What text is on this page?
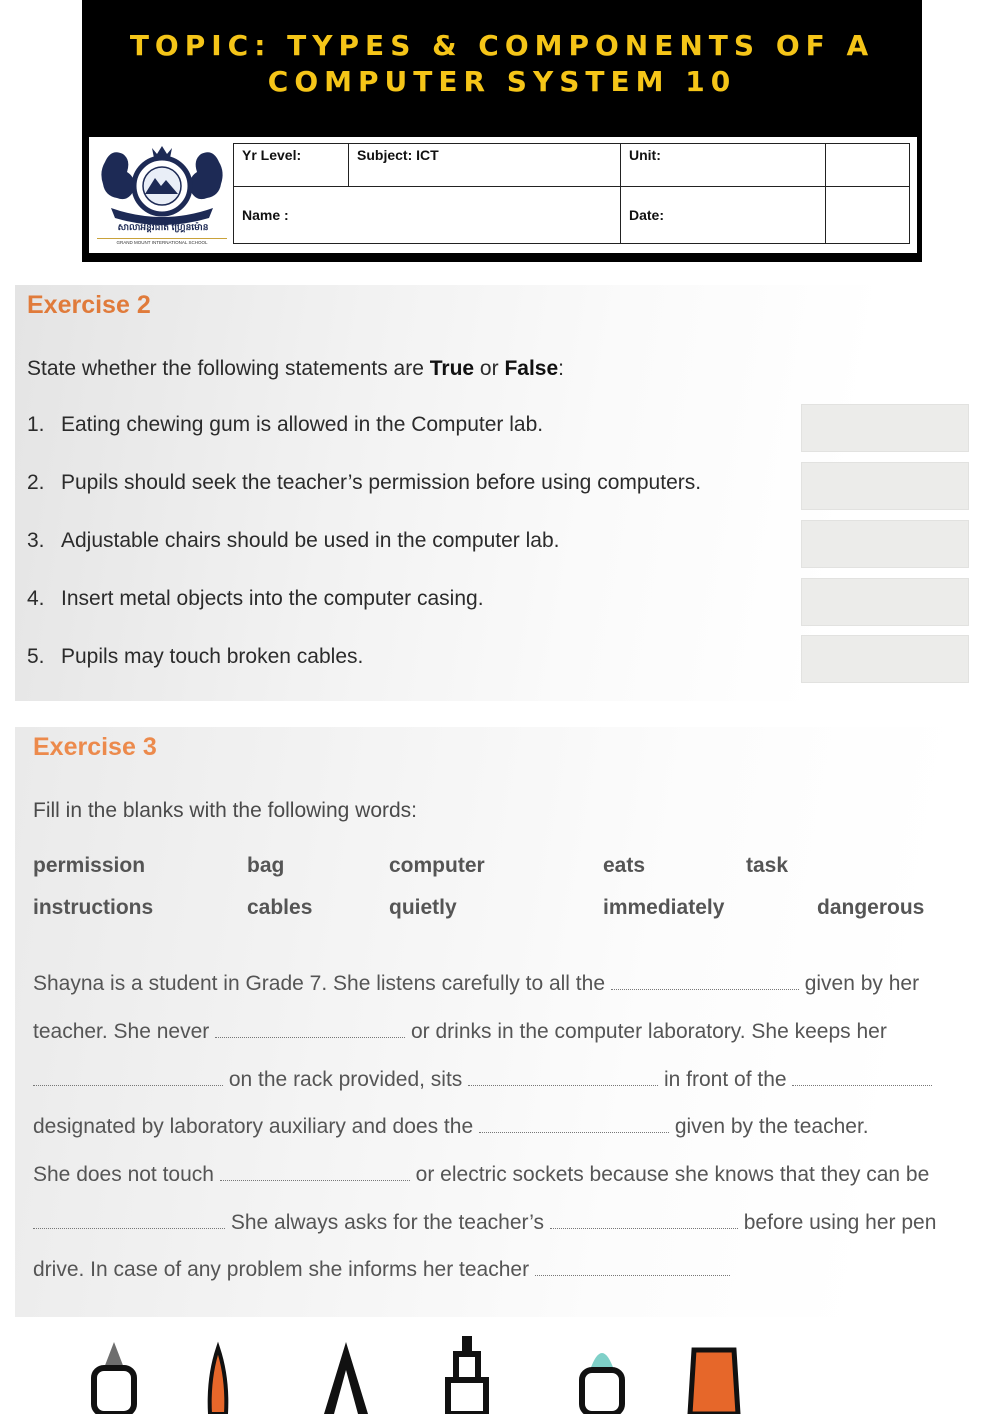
TOPIC: TYPES & COMPONENTS OF A
COMPUTER SYSTEM 10
សាលាអន្តរជាតិ ហ្គ្រេនម៉ោន
GRAND MOUNT INTERNATIONAL SCHOOL
Yr Level:	Subject: ICT	Unit:	
Name :		Date:	
Exercise 2
State whether the following statements are True or False:
1. Eating chewing gum is allowed in the Computer lab.
2. Pupils should seek the teacher’s permission before using computers.
3. Adjustable chairs should be used in the computer lab.
4. Insert metal objects into the computer casing.
5. Pupils may touch broken cables.
Exercise 3
Fill in the blanks with the following words:
permission	bag	computer	eats	task
instructions	cables	quietly	immediately	dangerous
Shayna is a student in Grade 7. She listens carefully to all the	given by her
teacher. She never	or drinks in the computer laboratory. She keeps her
on the rack provided, sits	in front of the
designated by laboratory auxiliary and does the	given by the teacher.
She does not touch	or electric sockets because she knows that they can be
She always asks for the teacher’s	before using her pen
drive. In case of any problem she informs her teacher
